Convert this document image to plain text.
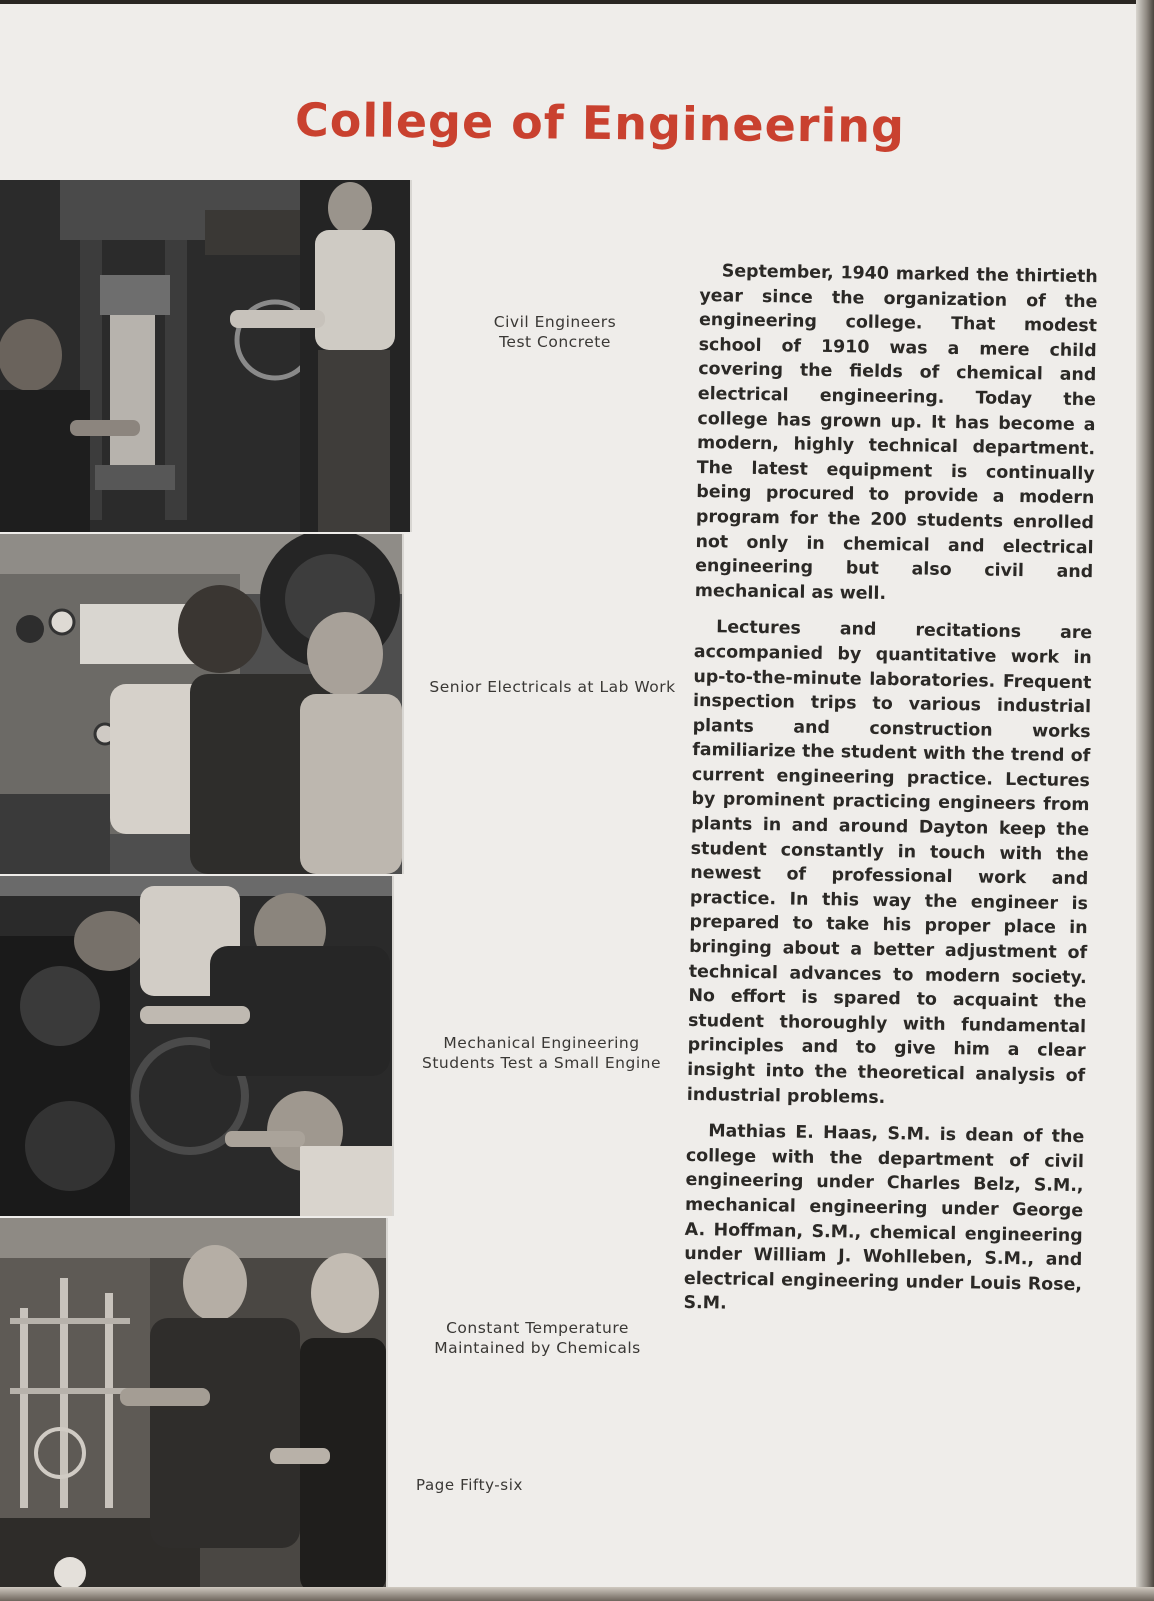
College of Engineering
Civil Engineers
Test Concrete
Senior Electricals at Lab Work
Mechanical Engineering
Students Test a Small Engine
Constant Temperature
Maintained by Chemicals

September, 1940 marked the thirtieth year since the organization of the engineering college. That modest school of 1910 was a mere child covering the fields of chemical and electrical engineering. Today the college has grown up. It has become a modern, highly technical department. The latest equipment is continually being procured to provide a modern program for the 200 students enrolled not only in chemical and electrical engineering but also civil and mechanical as well.

Lectures and recitations are accompanied by quantitative work in up-to-the-minute laboratories. Frequent inspection trips to various industrial plants and construction works familiarize the student with the trend of current engineering practice. Lectures by prominent practicing engineers from plants in and around Dayton keep the student constantly in touch with the newest of professional work and practice. In this way the engineer is prepared to take his proper place in bringing about a better adjustment of technical advances to modern society. No effort is spared to acquaint the student thoroughly with fundamental principles and to give him a clear insight into the theoretical analysis of industrial problems.

Mathias E. Haas, S.M. is dean of the college with the department of civil engineering under Charles Belz, S.M., mechanical engineering under George A. Hoffman, S.M., chemical engineering under William J. Wohlleben, S.M., and electrical engineering under Louis Rose, S.M.

Page Fifty-six
